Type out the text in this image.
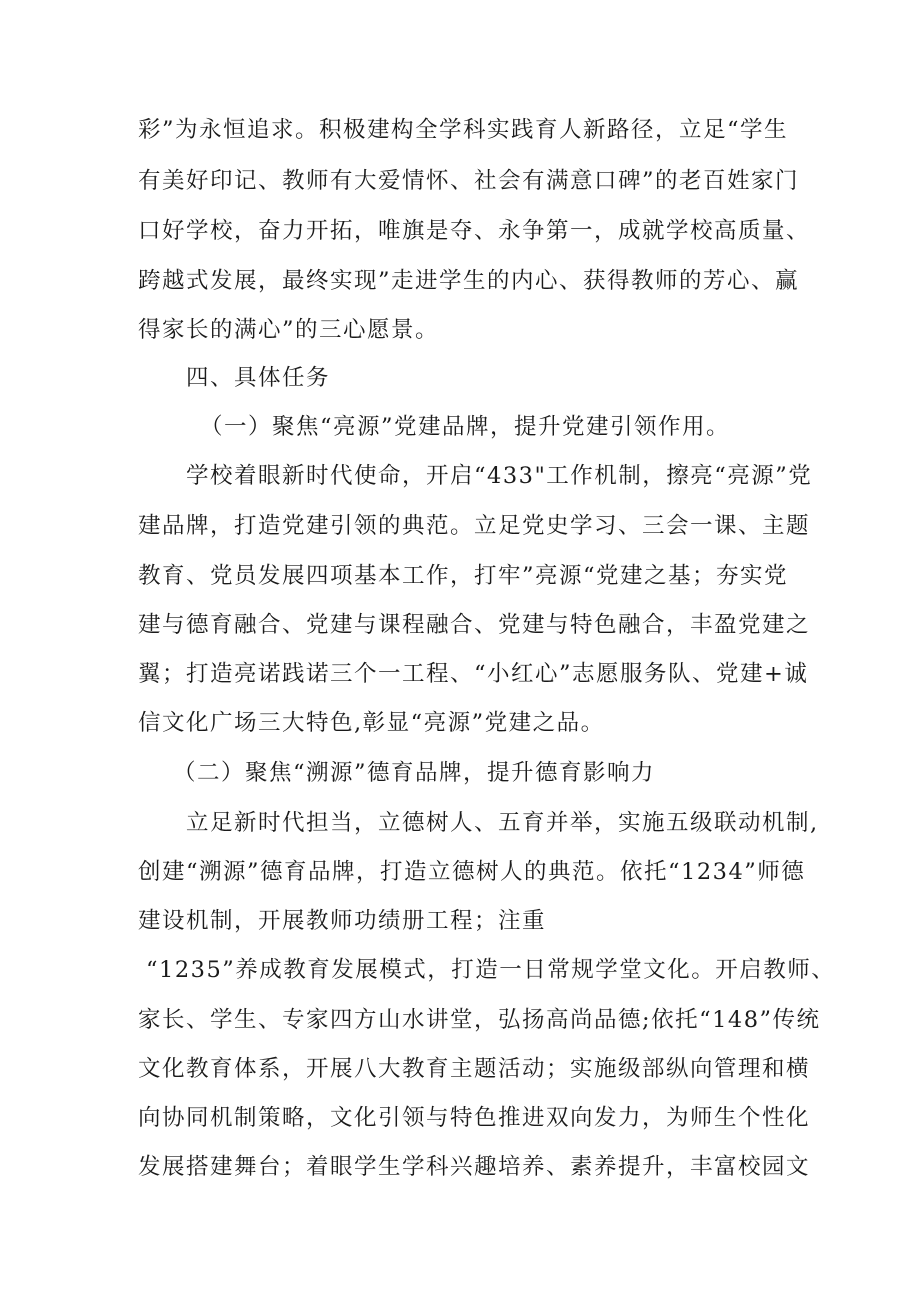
彩”为永恒追求。积极建构全学科实践育人新路径，立足“学生
有美好印记、教师有大爱情怀、社会有满意口碑”的老百姓家门
口好学校，奋力开拓，唯旗是夺、永争第一，成就学校高质量、
跨越式发展，最终实现”走进学生的内心、获得教师的芳心、赢
得家长的满心”的三心愿景。
四、具体任务
（一）聚焦“亮源”党建品牌，提升党建引领作用。
学校着眼新时代使命，开启“433"工作机制，擦亮“亮源”党
建品牌，打造党建引领的典范。立足党史学习、三会一课、主题
教育、党员发展四项基本工作，打牢”亮源“党建之基；夯实党
建与德育融合、党建与课程融合、党建与特色融合，丰盈党建之
翼；打造亮诺践诺三个一工程、“小红心”志愿服务队、党建+诚
信文化广场三大特色,彰显“亮源”党建之品。
（二）聚焦“溯源”德育品牌，提升德育影响力
立足新时代担当，立德树人、五育并举，实施五级联动机制,
创建“溯源”德育品牌，打造立德树人的典范。依托“1234”师德
建设机制，开展教师功绩册工程；注重
“1235”养成教育发展模式，打造一日常规学堂文化。开启教师、
家长、学生、专家四方山水讲堂，弘扬高尚品德;依托“148”传统
文化教育体系，开展八大教育主题活动；实施级部纵向管理和横
向协同机制策略，文化引领与特色推进双向发力，为师生个性化
发展搭建舞台；着眼学生学科兴趣培养、素养提升，丰富校园文
